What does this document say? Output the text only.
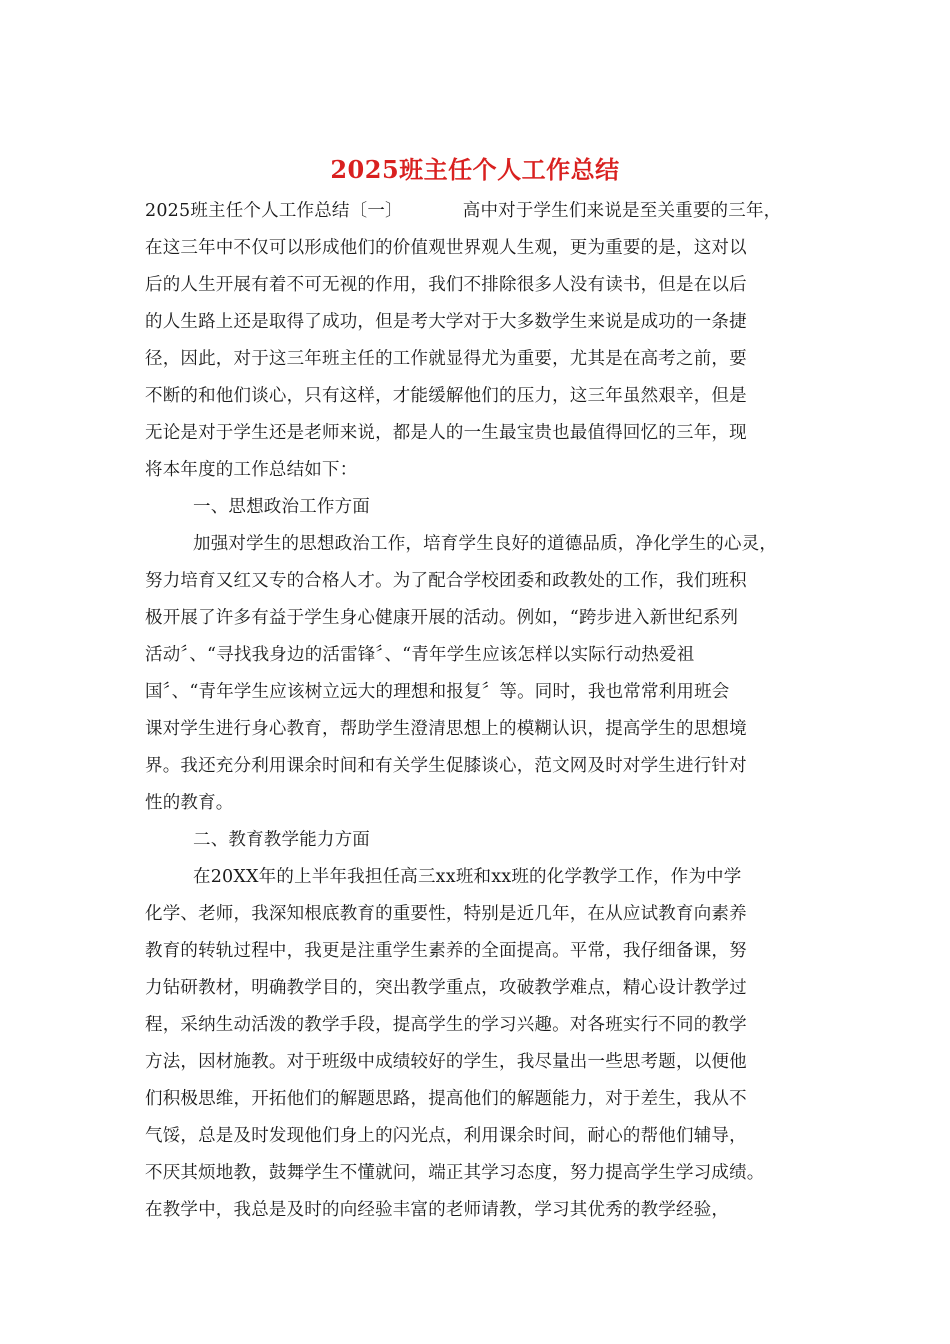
2025班主任个人工作总结
2025班主任个人工作总结〔一〕	高中对于学生们来说是至关重要的三年，
在这三年中不仅可以形成他们的价值观世界观人生观，更为重要的是，这对以
后的人生开展有着不可无视的作用，我们不排除很多人没有读书，但是在以后
的人生路上还是取得了成功，但是考大学对于大多数学生来说是成功的一条捷
径，因此，对于这三年班主任的工作就显得尤为重要，尤其是在高考之前，要
不断的和他们谈心，只有这样，才能缓解他们的压力，这三年虽然艰辛，但是
无论是对于学生还是老师来说，都是人的一生最宝贵也最值得回忆的三年，现
将本年度的工作总结如下：
一、思想政治工作方面
加强对学生的思想政治工作，培育学生良好的道德品质，净化学生的心灵，
努力培育又红又专的合格人才。为了配合学校团委和政教处的工作，我们班积
极开展了许多有益于学生身心健康开展的活动。例如，“跨步进入新世纪系列
活动〞、“寻找我身边的活雷锋〞、“青年学生应该怎样以实际行动热爱祖
国〞、“青年学生应该树立远大的理想和报复〞等。同时，我也常常利用班会
课对学生进行身心教育，帮助学生澄清思想上的模糊认识，提高学生的思想境
界。我还充分利用课余时间和有关学生促膝谈心，范文网及时对学生进行针对
性的教育。
二、教育教学能力方面
在20XX年的上半年我担任高三xx班和xx班的化学教学工作，作为中学
化学、老师，我深知根底教育的重要性，特别是近几年，在从应试教育向素养
教育的转轨过程中，我更是注重学生素养的全面提高。平常，我仔细备课，努
力钻研教材，明确教学目的，突出教学重点，攻破教学难点，精心设计教学过
程，采纳生动活泼的教学手段，提高学生的学习兴趣。对各班实行不同的教学
方法，因材施教。对于班级中成绩较好的学生，我尽量出一些思考题，以便他
们积极思维，开拓他们的解题思路，提高他们的解题能力，对于差生，我从不
气馁，总是及时发现他们身上的闪光点，利用课余时间，耐心的帮他们辅导，
不厌其烦地教，鼓舞学生不懂就问，端正其学习态度，努力提高学生学习成绩。
在教学中，我总是及时的向经验丰富的老师请教，学习其优秀的教学经验，
